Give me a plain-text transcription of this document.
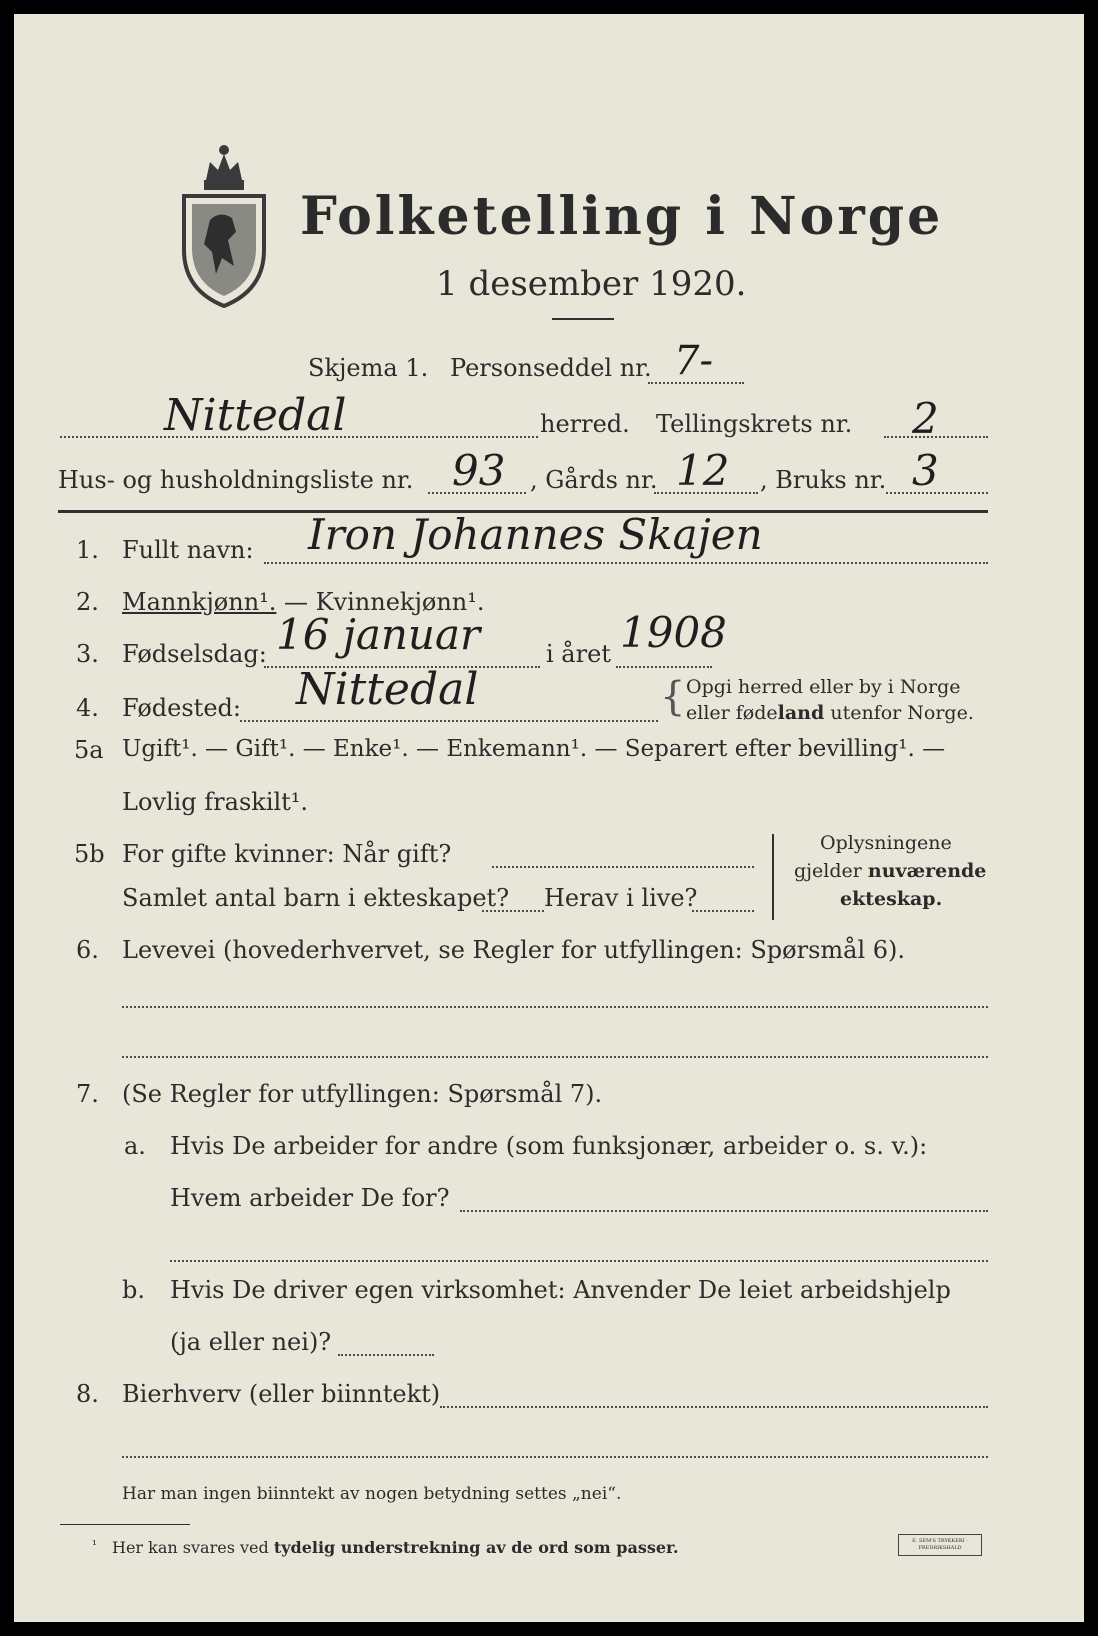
Folketelling i Norge
1 desember 1920.
Skjema 1. Personseddel nr. 7-
Nittedal	herred. Tellingskrets nr. 2
Hus- og husholdningsliste nr. 93 , Gårds nr. 12 , Bruks nr. 3
1. Fullt navn: Iron Johannes Skajen
2. Mannkjønn¹. — Kvinnekjønn¹.
3. Fødselsdag: 16 januar	i året 1908
4. Fødested: Nittedal	{ Opgi herred eller by i Norge
eller fødeland utenfor Norge.
5a Ugift¹. — Gift¹. — Enke¹. — Enkemann¹. — Separert efter bevilling¹. —
Lovlig fraskilt¹.
5b For gifte kvinner: Når gift?
Samlet antal barn i ekteskapet? Herav i live?
Oplysningene
gjelder nuværende
ekteskap.
6. Levevei (hovederhvervet, se Regler for utfyllingen: Spørsmål 6).
7. (Se Regler for utfyllingen: Spørsmål 7).
a. Hvis De arbeider for andre (som funksjonær, arbeider o. s. v.):
Hvem arbeider De for?
b. Hvis De driver egen virksomhet: Anvender De leiet arbeidshjelp
(ja eller nei)?
8. Bierhverv (eller biinntekt)
Har man ingen biinntekt av nogen betydning settes „nei“.
¹ Her kan svares ved tydelig understrekning av de ord som passer.	E. SEM'S TRYKKERI · FREDRIKSHALD
